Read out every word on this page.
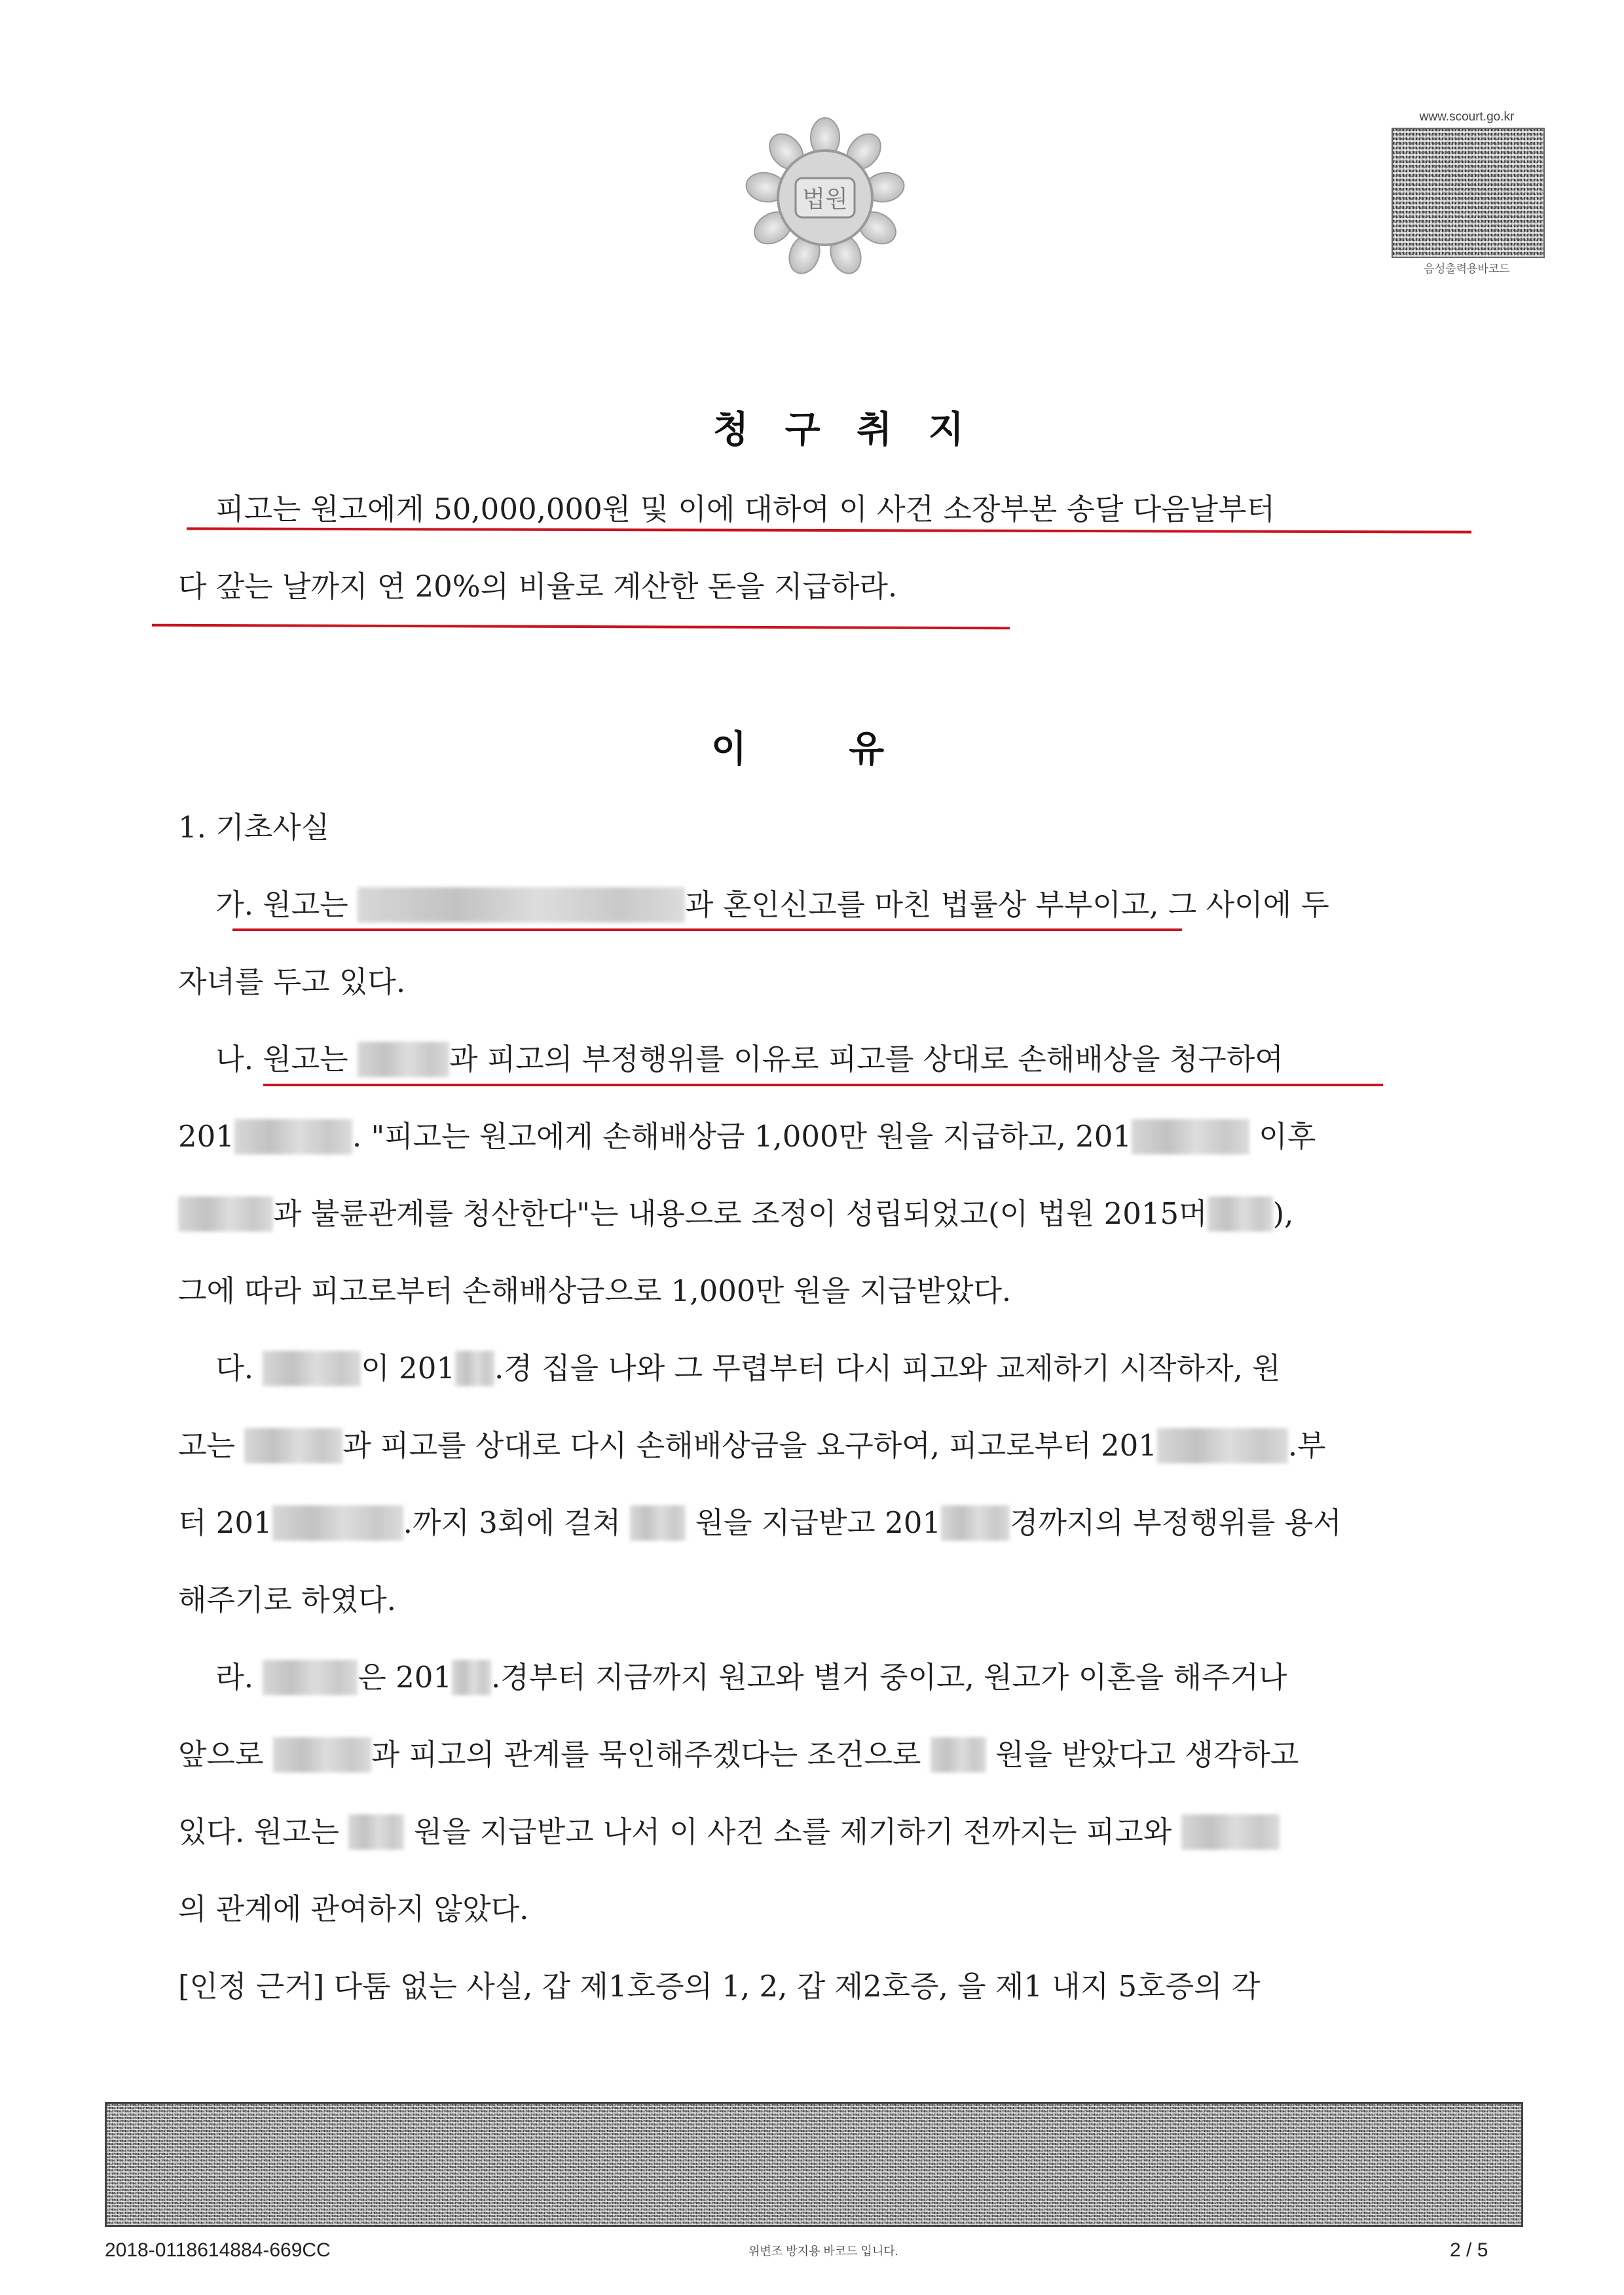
법원
www.scourt.go.kr
음성출력용바코드
청 구 취 지
피고는 원고에게 50,000,000원 및 이에 대하여 이 사건 소장부본 송달 다음날부터
다 갚는 날까지 연 20%의 비율로 계산한 돈을 지급하라.
이        유
1. 기초사실
가. 원고는	과 혼인신고를 마친 법률상 부부이고, 그 사이에 두
자녀를 두고 있다.
나. 원고는	과 피고의 부정행위를 이유로 피고를 상대로 손해배상을 청구하여
201	. "피고는 원고에게 손해배상금 1,000만 원을 지급하고, 201	이후
과 불륜관계를 청산한다"는 내용으로 조정이 성립되었고(이 법원 2015머 ),
그에 따라 피고로부터 손해배상금으로 1,000만 원을 지급받았다.
다.	이 201 .경 집을 나와 그 무렵부터 다시 피고와 교제하기 시작하자, 원
고는	과 피고를 상대로 다시 손해배상금을 요구하여, 피고로부터 201	.부
터 201	.까지 3회에 걸쳐  원을 지급받고 201 경까지의 부정행위를 용서
해주기로 하였다.
라.	은 201 .경부터 지금까지 원고와 별거 중이고, 원고가 이혼을 해주거나
앞으로	과 피고의 관계를 묵인해주겠다는 조건으로  원을 받았다고 생각하고
있다. 원고는  원을 지급받고 나서 이 사건 소를 제기하기 전까지는 피고와
의 관계에 관여하지 않았다.
[인정 근거] 다툼 없는 사실, 갑 제1호증의 1, 2, 갑 제2호증, 을 제1 내지 5호증의 각
2018-0118614884-669CC	위변조 방지용 바코드 입니다.	2 / 5
